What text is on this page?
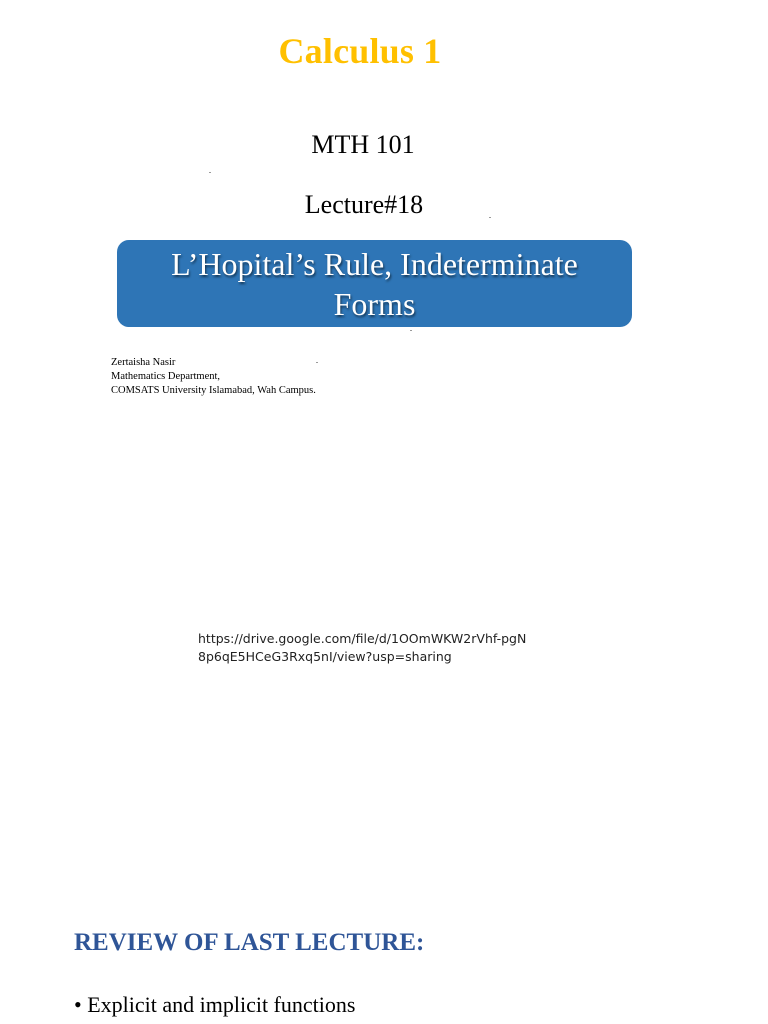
Calculus 1
MTH 101
Lecture#18
L’Hopital’s Rule, Indeterminate
Forms
Zertaisha Nasir
Mathematics Department,
COMSATS University Islamabad, Wah Campus.
https://drive.google.com/file/d/1OOmWKW2rVhf-pgN8p6qE5HCeG3Rxq5nI/view?usp=sharing
REVIEW OF LAST LECTURE:
• Explicit and implicit functions
